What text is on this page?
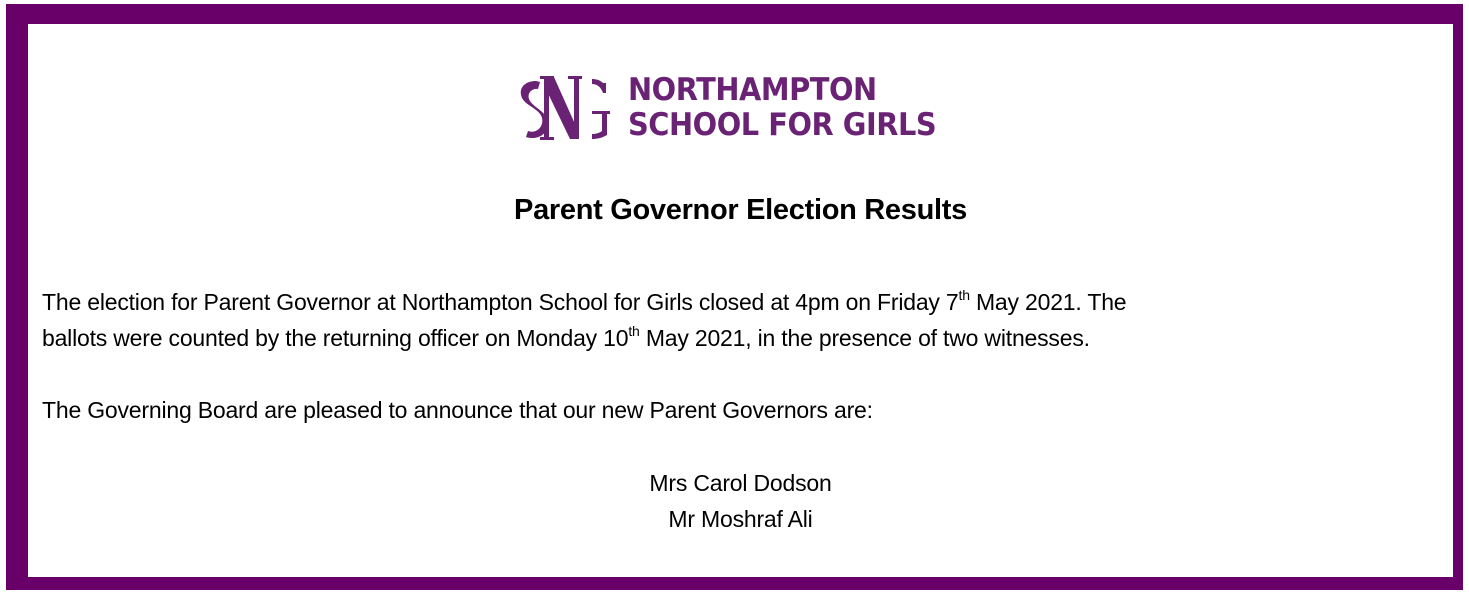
NORTHAMPTON
SCHOOL FOR GIRLS
Parent Governor Election Results
The election for Parent Governor at Northampton School for Girls closed at 4pm on Friday 7th May 2021. The
ballots were counted by the returning officer on Monday 10th May 2021, in the presence of two witnesses.
The Governing Board are pleased to announce that our new Parent Governors are:
Mrs Carol Dodson
Mr Moshraf Ali
